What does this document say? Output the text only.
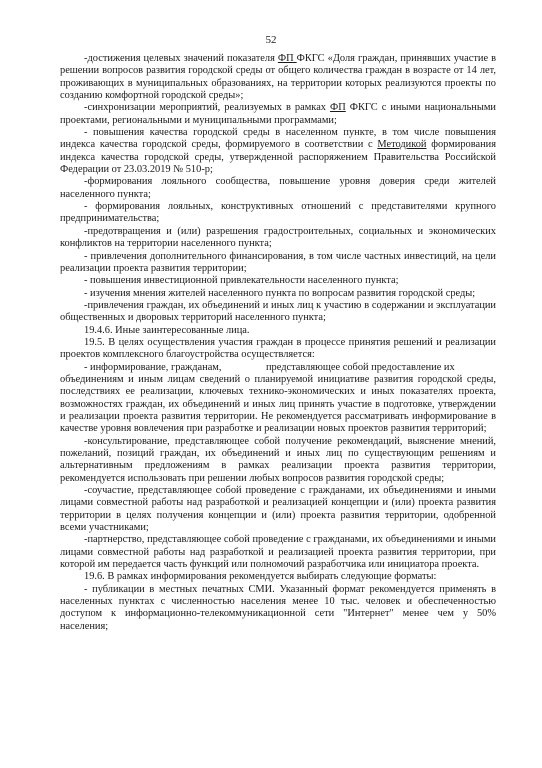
52

-достижения целевых значений показателя ФП ФКГС «Доля граждан, принявших участие в решении вопросов развития городской среды от общего количества граждан в возрасте от 14 лет, проживающих в муниципальных образованиях, на территории которых реализуются проекты по созданию комфортной городской среды»;

-синхронизации мероприятий, реализуемых в рамках ФП ФКГС с иными национальными проектами, региональными и муниципальными программами;

- повышения качества городской среды в населенном пункте, в том числе повышения индекса качества городской среды, формируемого в соответствии с Методикой формирования индекса качества городской среды, утвержденной распоряжением Правительства Российской Федерации от 23.03.2019 № 510-р;

-формирования лояльного сообщества, повышение уровня доверия среди жителей населенного пункта;

- формирования лояльных, конструктивных отношений с представителями крупного предпринимательства;

-предотвращения и (или) разрешения градостроительных, социальных и экономических конфликтов на территории населенного пункта;

- привлечения дополнительного финансирования, в том числе частных инвестиций, на цели реализации проекта развития территории;

- повышения инвестиционной привлекательности населенного пункта;

- изучения мнения жителей населенного пункта по вопросам развития городской среды;

-привлечения граждан, их объединений и иных лиц к участию в содержании и эксплуатации общественных и дворовых территорий населенного пункта;

19.4.6. Иные заинтересованные лица.

19.5. В целях осуществления участия граждан в процессе принятия решений и реализации проектов комплексного благоустройства осуществляется:

- информирование, гражданам,	представляющее собой предоставление их

объединениям и иным лицам сведений о планируемой инициативе развития городской среды, последствиях ее реализации, ключевых технико-экономических и иных показателях проекта, возможностях граждан, их объединений и иных лиц принять участие в подготовке, утверждении и реализации проекта развития территории. Не рекомендуется рассматривать информирование в качестве уровня вовлечения при разработке и реализации новых проектов развития территорий;

-консультирование, представляющее собой получение рекомендаций, выяснение мнений, пожеланий, позиций граждан, их объединений и иных лиц по существующим решениям и альтернативным предложениям в рамках реализации проекта развития территории, рекомендуется использовать при решении любых вопросов развития городской среды;

-соучастие, представляющее собой проведение с гражданами, их объединениями и иными лицами совместной работы над разработкой и реализацией концепции и (или) проекта развития территории в целях получения концепции и (или) проекта развития территории, одобренной всеми участниками;

-партнерство, представляющее собой проведение с гражданами, их объединениями и иными лицами совместной работы над разработкой и реализацией проекта развития территории, при которой им передается часть функций или полномочий разработчика или инициатора проекта.

19.6. В рамках информирования рекомендуется выбирать следующие форматы:

- публикации в местных печатных СМИ. Указанный формат рекомендуется применять в населенных пунктах с численностью населения менее 10 тыс. человек и обеспеченностью доступом к информационно-телекоммуникационной сети "Интернет" менее чем у 50% населения;
